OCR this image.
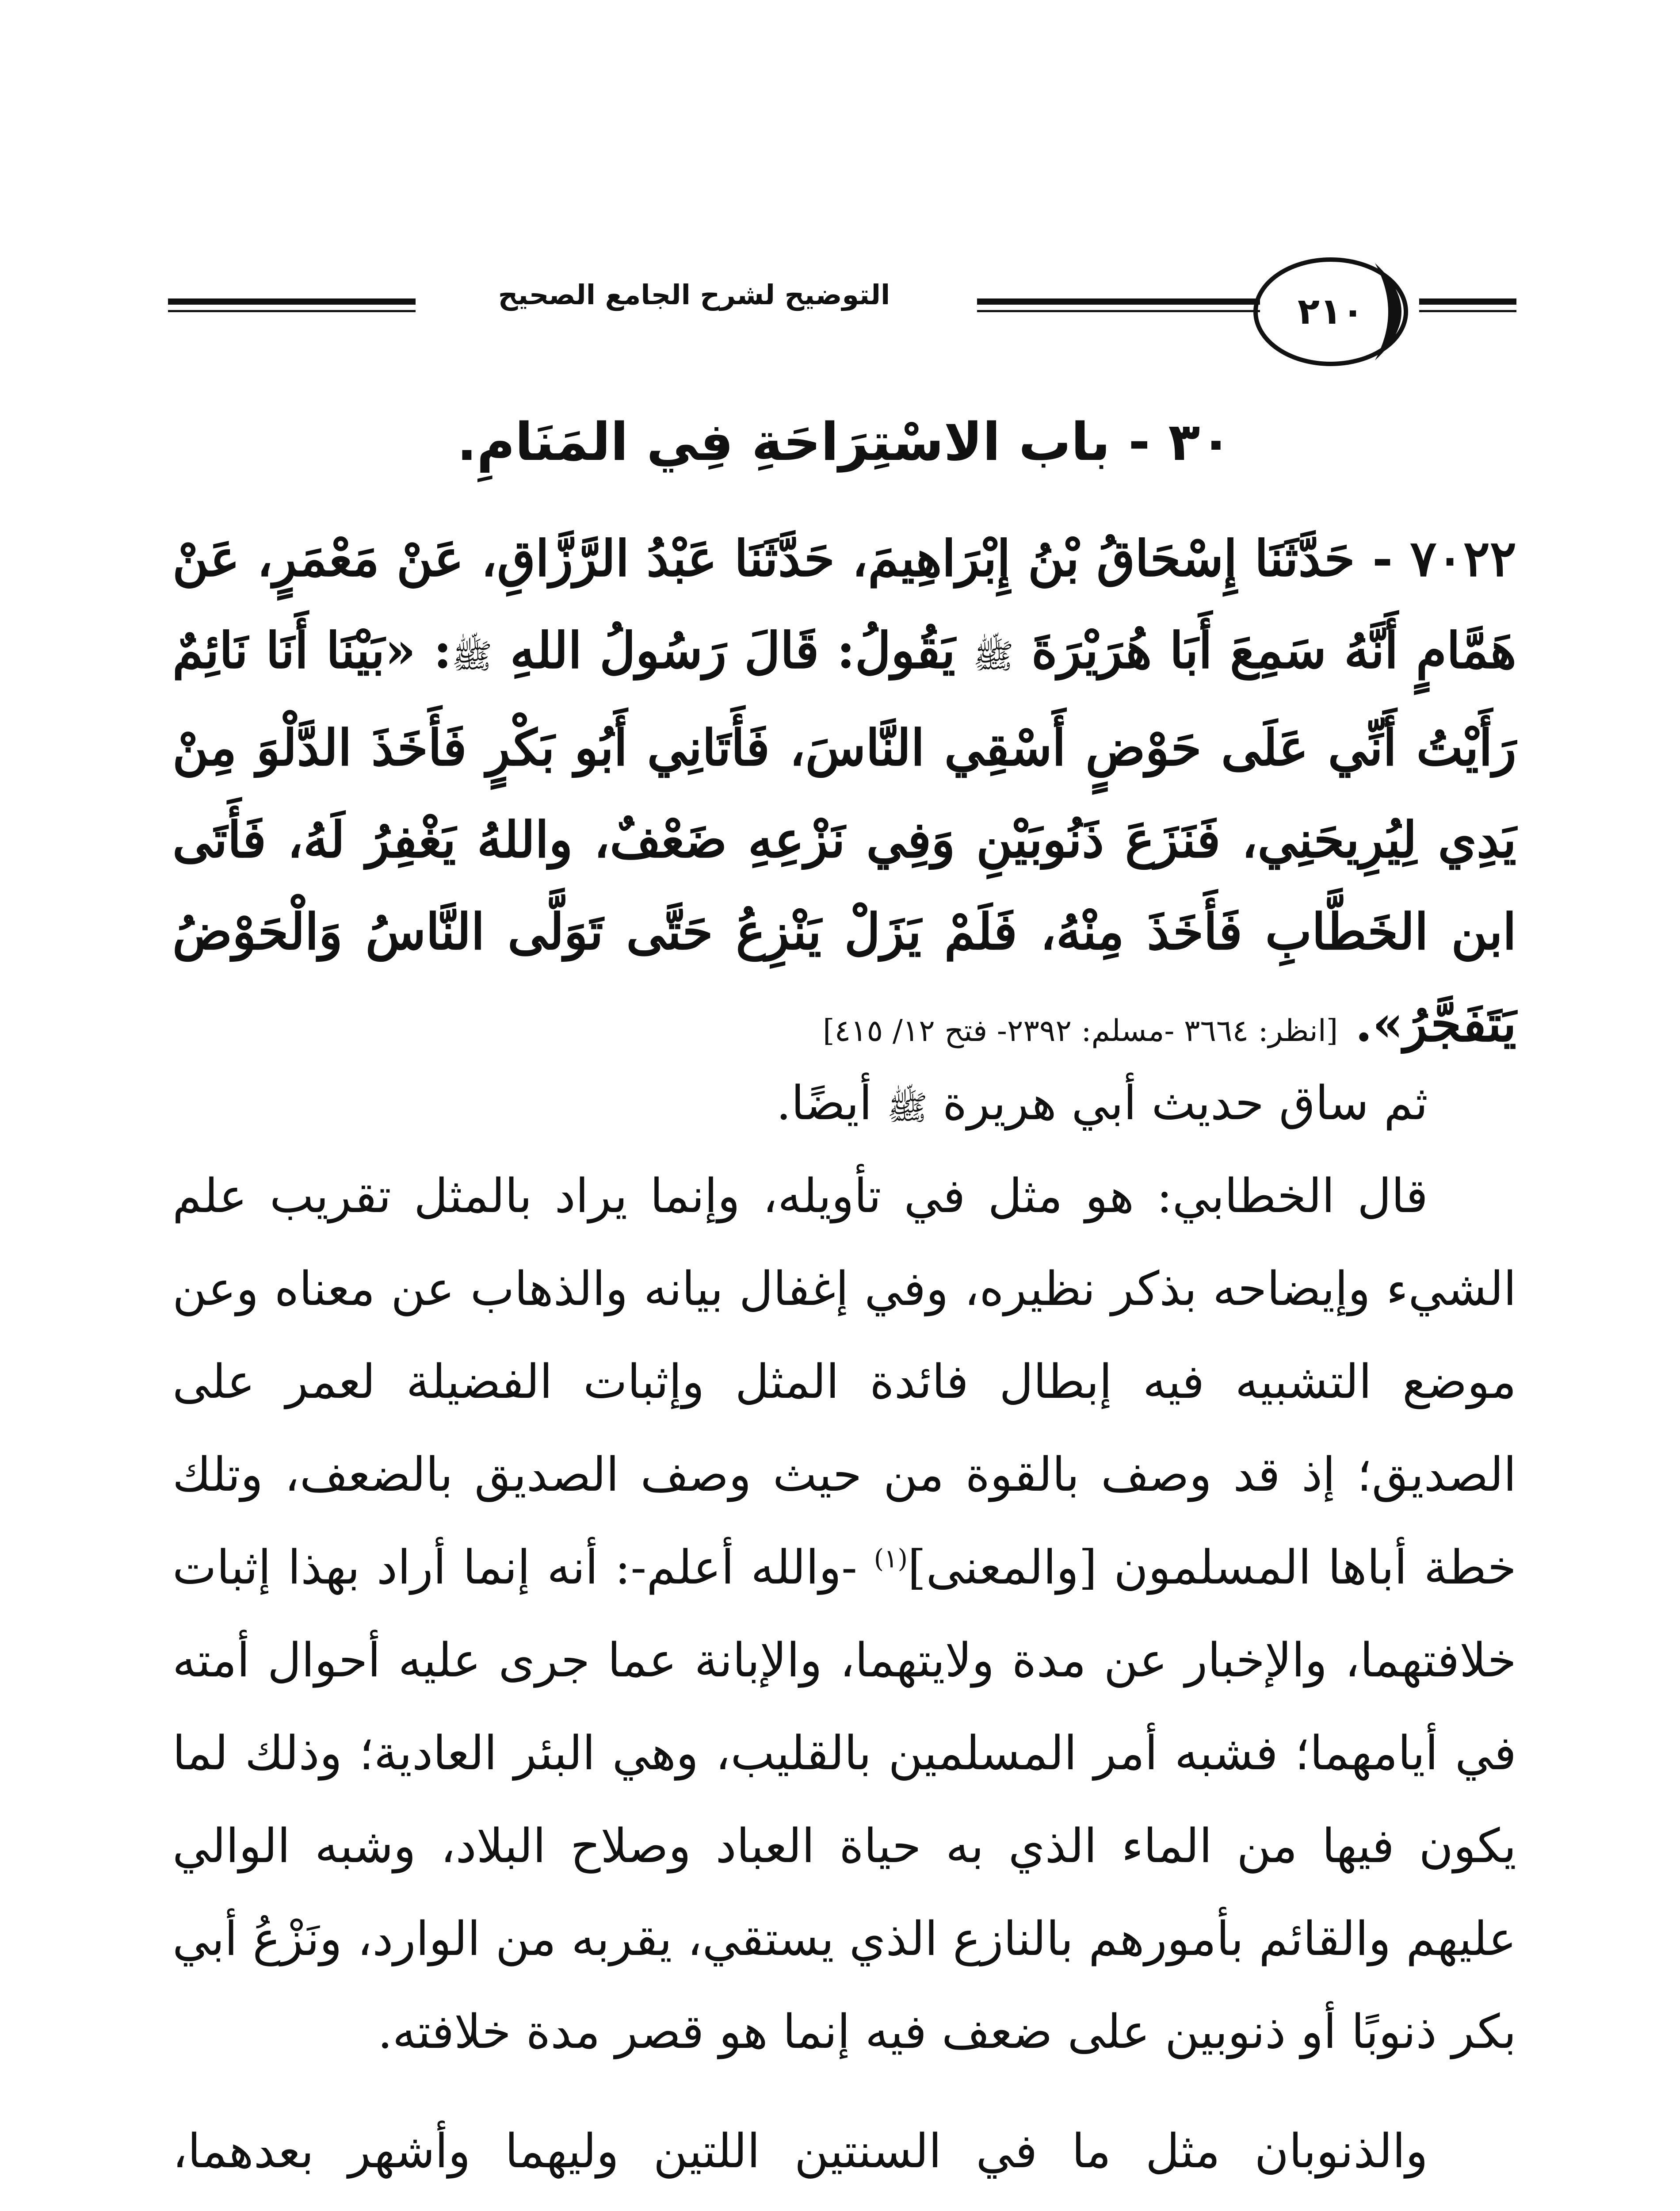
التوضيح لشرح الجامع الصحيح	٢١٠
٣٠ - باب الاسْتِرَاحَةِ فِي المَنَامِ.
٧٠٢٢ - حَدَّثَنَا إِسْحَاقُ بْنُ إِبْرَاهِيمَ، حَدَّثَنَا عَبْدُ الرَّزَّاقِ، عَنْ مَعْمَرٍ، عَنْ هَمَّامٍ أَنَّهُ سَمِعَ أَبَا هُرَيْرَةَ ﷺ يَقُولُ: قَالَ رَسُولُ اللهِ ﷺ: «بَيْنَا أَنَا نَائِمٌ رَأَيْتُ أَنِّي عَلَى حَوْضٍ أَسْقِي النَّاسَ، فَأَتَانِي أَبُو بَكْرٍ فَأَخَذَ الدَّلْوَ مِنْ يَدِي لِيُرِيحَنِي، فَنَزَعَ ذَنُوبَيْنِ وَفِي نَزْعِهِ ضَعْفٌ، واللهُ يَغْفِرُ لَهُ، فَأَتَى ابن الخَطَّابِ فَأَخَذَ مِنْهُ، فَلَمْ يَزَلْ يَنْزِعُ حَتَّى تَوَلَّى النَّاسُ وَالْحَوْضُ يَتَفَجَّرُ». [انظر: ٣٦٦٤ -مسلم: ٢٣٩٢- فتح ١٢/ ٤١٥]
ثم ساق حديث أبي هريرة ﷺ أيضًا.
قال الخطابي: هو مثل في تأويله، وإنما يراد بالمثل تقريب علم الشيء وإيضاحه بذكر نظيره، وفي إغفال بيانه والذهاب عن معناه وعن موضع التشبيه فيه إبطال فائدة المثل وإثبات الفضيلة لعمر على الصديق؛ إذ قد وصف بالقوة من حيث وصف الصديق بالضعف، وتلك خطة أباها المسلمون [والمعنى]$^{(١)}$ -والله أعلم-: أنه إنما أراد بهذا إثبات خلافتهما، والإخبار عن مدة ولايتهما، والإبانة عما جرى عليه أحوال أمته في أيامهما؛ فشبه أمر المسلمين بالقليب، وهي البئر العادية؛ وذلك لما يكون فيها من الماء الذي به حياة العباد وصلاح البلاد، وشبه الوالي عليهم والقائم بأمورهم بالنازع الذي يستقي، يقربه من الوارد، ونَزْعُ أبي بكر ذنوبًا أو ذنوبين على ضعف فيه إنما هو قصر مدة خلافته.
والذنوبان مثل ما في السنتين اللتين وليهما وأشهر بعدهما،
